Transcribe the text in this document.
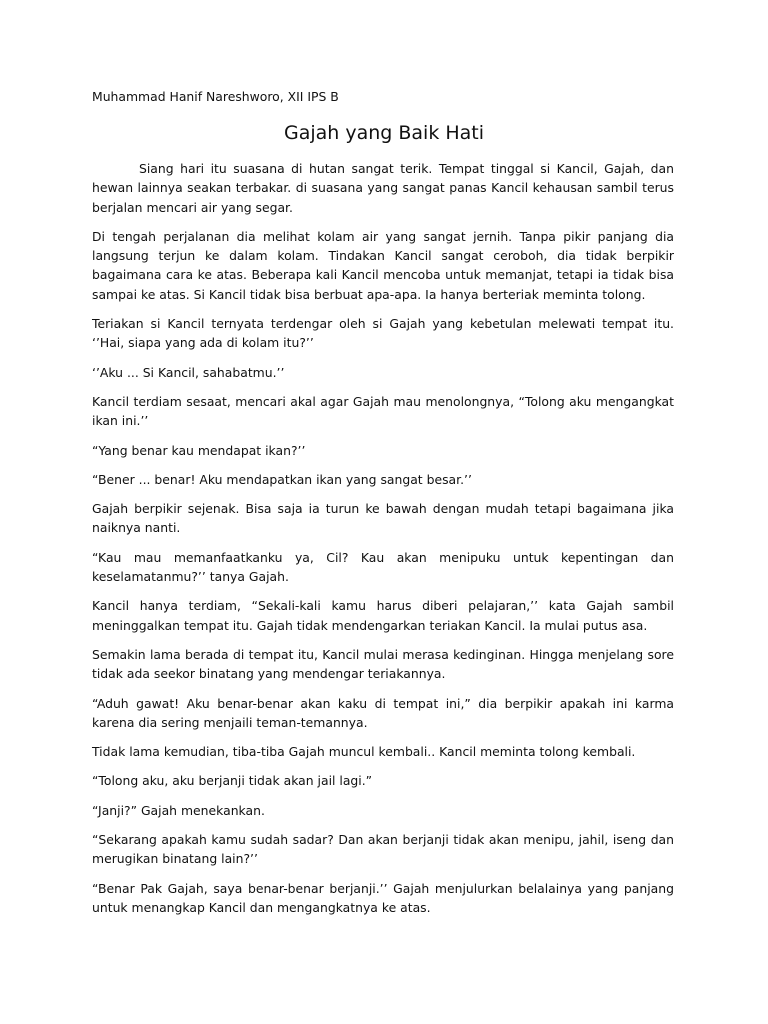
Muhammad Hanif Nareshworo, XII IPS B
Gajah yang Baik Hati

Siang hari itu suasana di hutan sangat terik. Tempat tinggal si Kancil, Gajah, dan hewan lainnya seakan terbakar. di suasana yang sangat panas Kancil kehausan sambil terus berjalan mencari air yang segar.

Di tengah perjalanan dia melihat kolam air yang sangat jernih. Tanpa pikir panjang dia langsung terjun ke dalam kolam. Tindakan Kancil sangat ceroboh, dia tidak berpikir bagaimana cara ke atas. Beberapa kali Kancil mencoba untuk memanjat, tetapi ia tidak bisa sampai ke atas. Si Kancil tidak bisa berbuat apa-apa. Ia hanya berteriak meminta tolong.

Teriakan si Kancil ternyata terdengar oleh si Gajah yang kebetulan melewati tempat itu. ‘’Hai, siapa yang ada di kolam itu?’’

‘’Aku ... Si Kancil, sahabatmu.’’

Kancil terdiam sesaat, mencari akal agar Gajah mau menolongnya, “Tolong aku mengangkat ikan ini.’’

“Yang benar kau mendapat ikan?’’

“Bener ... benar! Aku mendapatkan ikan yang sangat besar.’’

Gajah berpikir sejenak. Bisa saja ia turun ke bawah dengan mudah tetapi bagaimana jika naiknya nanti.

“Kau mau memanfaatkanku ya, Cil? Kau akan menipuku untuk kepentingan dan keselamatanmu?’’ tanya Gajah.

Kancil hanya terdiam, “Sekali-kali kamu harus diberi pelajaran,’’ kata Gajah sambil meninggalkan tempat itu. Gajah tidak mendengarkan teriakan Kancil. Ia mulai putus asa.

Semakin lama berada di tempat itu, Kancil mulai merasa kedinginan. Hingga menjelang sore tidak ada seekor binatang yang mendengar teriakannya.

“Aduh gawat! Aku benar-benar akan kaku di tempat ini,” dia berpikir apakah ini karma karena dia sering menjaili teman-temannya.

Tidak lama kemudian, tiba-tiba Gajah muncul kembali.. Kancil meminta tolong kembali.

“Tolong aku, aku berjanji tidak akan jail lagi.”

“Janji?” Gajah menekankan.

“Sekarang apakah kamu sudah sadar? Dan akan berjanji tidak akan menipu, jahil, iseng dan merugikan binatang lain?’’

“Benar Pak Gajah, saya benar-benar berjanji.’’ Gajah menjulurkan belalainya yang panjang untuk menangkap Kancil dan mengangkatnya ke atas.
